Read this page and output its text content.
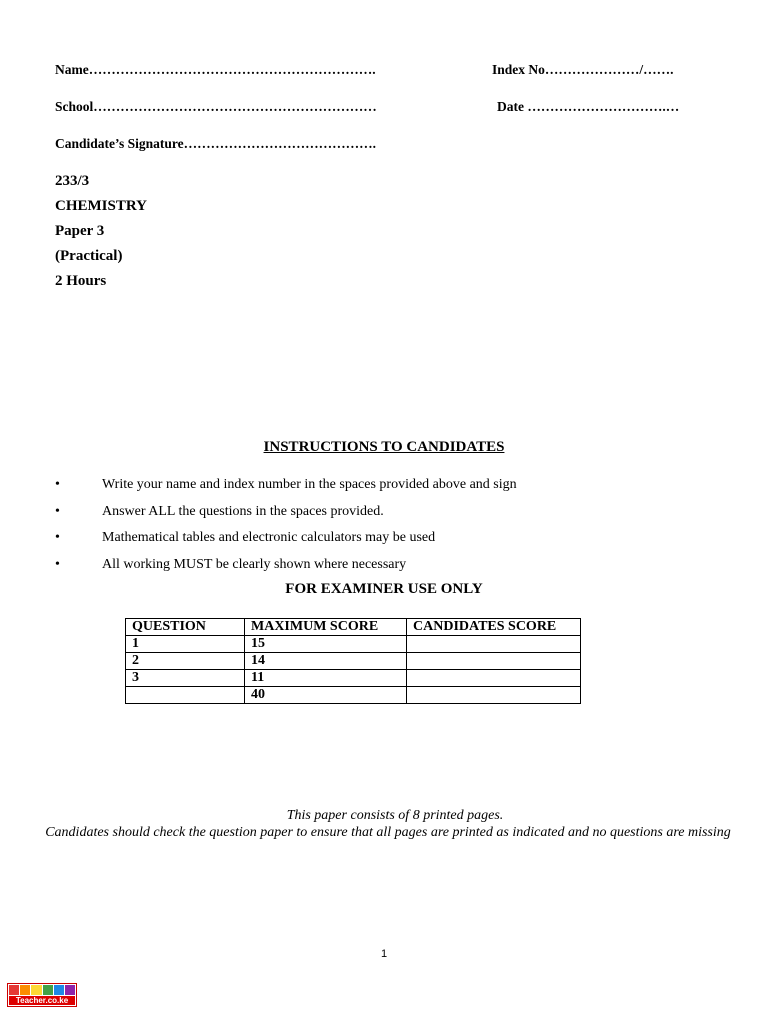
Name……………………………………………………….	Index No…………………/…….
School………………………………………………………	Date ………………………….…
Candidate’s Signature…………………………………….
233/3
CHEMISTRY
Paper 3
(Practical)
2 Hours
INSTRUCTIONS TO CANDIDATES
•	Write your name and index number in the spaces provided above and sign
•	Answer ALL the questions in the spaces provided.
•	Mathematical tables and electronic calculators may be used
•	All working MUST be clearly shown where necessary
FOR EXAMINER USE ONLY
QUESTION	MAXIMUM SCORE	CANDIDATES SCORE
1	15	
2	14	
3	11	
	40	
This paper consists of 8 printed pages.
Candidates should check the question paper to ensure that all pages are printed as indicated and no questions are missing
1
Teacher.co.ke
